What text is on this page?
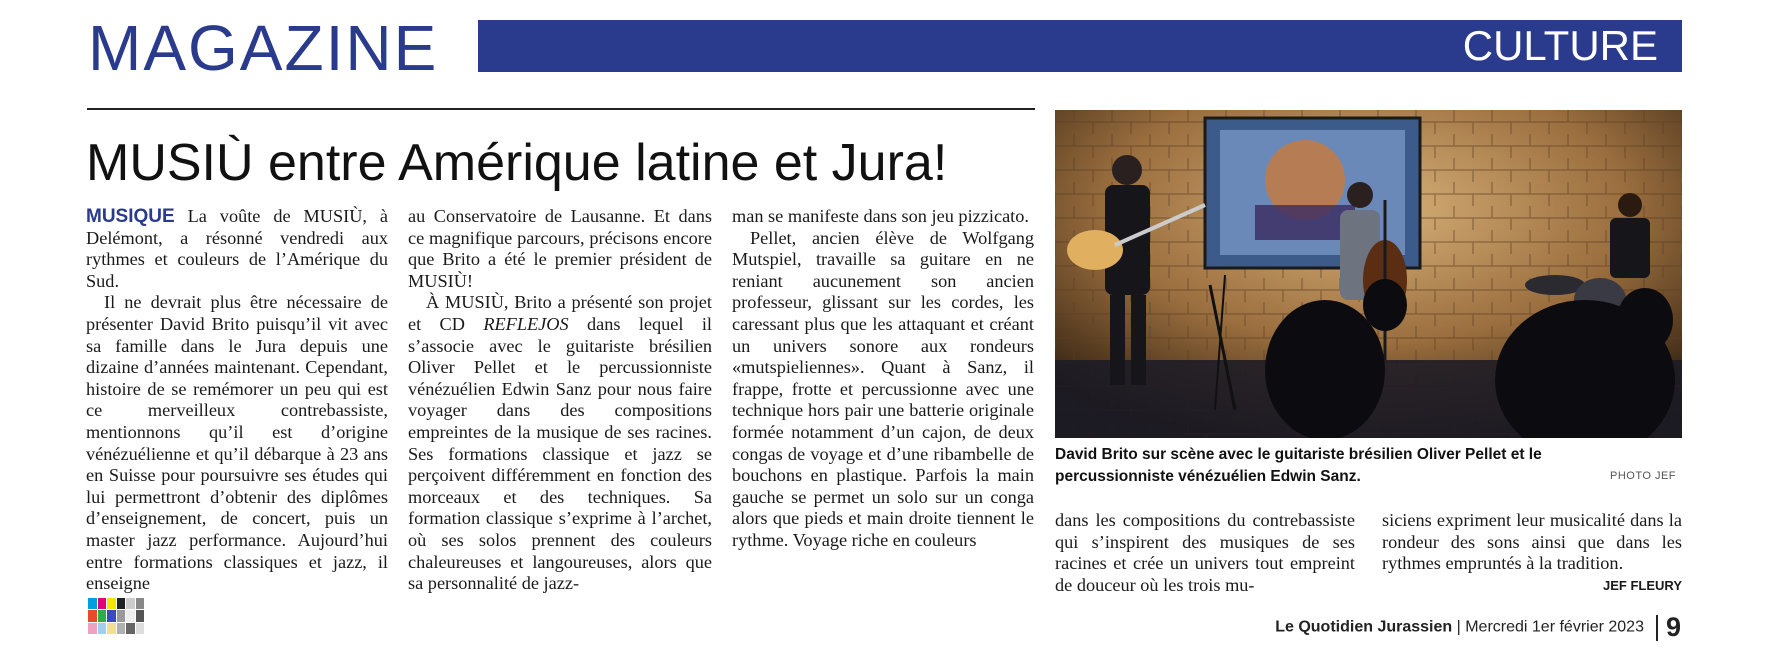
MAGAZINE	CULTURE
MUSIÙ entre Amérique latine et Jura!

MUSIQUE La voûte de MUSIÙ, à Delémont, a résonné vendredi aux rythmes et couleurs de l’Amérique du Sud.

Il ne devrait plus être nécessaire de présenter David Brito puisqu’il vit avec sa famille dans le Jura depuis une dizaine d’années maintenant. Cependant, histoire de se remémorer un peu qui est ce merveilleux contrebassiste, mentionnons qu’il est d’origine vénézuélienne et qu’il débarque à 23 ans en Suisse pour poursuivre ses études qui lui permettront d’obtenir des diplômes d’enseignement, de concert, puis un master jazz performance. Aujourd’hui entre formations classiques et jazz, il enseigne

au Conservatoire de Lausanne. Et dans ce magnifique parcours, précisons encore que Brito a été le premier président de MUSIÙ!

À MUSIÙ, Brito a présenté son projet et CD REFLEJOS dans lequel il s’associe avec le guitariste brésilien Oliver Pellet et le percussionniste vénézuélien Edwin Sanz pour nous faire voyager dans des compositions empreintes de la musique de ses racines. Ses formations classique et jazz se perçoivent différemment en fonction des morceaux et des techniques. Sa formation classique s’exprime à l’archet, où ses solos prennent des couleurs chaleureuses et langoureuses, alors que sa personnalité de jazz-

man se manifeste dans son jeu pizzicato.

Pellet, ancien élève de Wolfgang Mutspiel, travaille sa guitare en ne reniant aucunement son ancien professeur, glissant sur les cordes, les caressant plus que les attaquant et créant un univers sonore aux rondeurs «mutspieliennes». Quant à Sanz, il frappe, frotte et percussionne avec une technique hors pair une batterie originale formée notamment d’un cajon, de deux congas de voyage et d’une ribambelle de bouchons en plastique. Parfois la main gauche se permet un solo sur un conga alors que pieds et main droite tiennent le rythme. Voyage riche en couleurs

David Brito sur scène avec le guitariste brésilien Oliver Pellet et le percussionniste vénézuélien Edwin Sanz.	PHOTO JEF

dans les compositions du contrebassiste qui s’inspirent des musiques de ses racines et crée un univers tout empreint de douceur où les trois mu-

siciens expriment leur musicalité dans la rondeur des sons ainsi que dans les rythmes empruntés à la tradition.

JEF FLEURY
Le Quotidien Jurassien | Mercredi 1er février 2023 9
